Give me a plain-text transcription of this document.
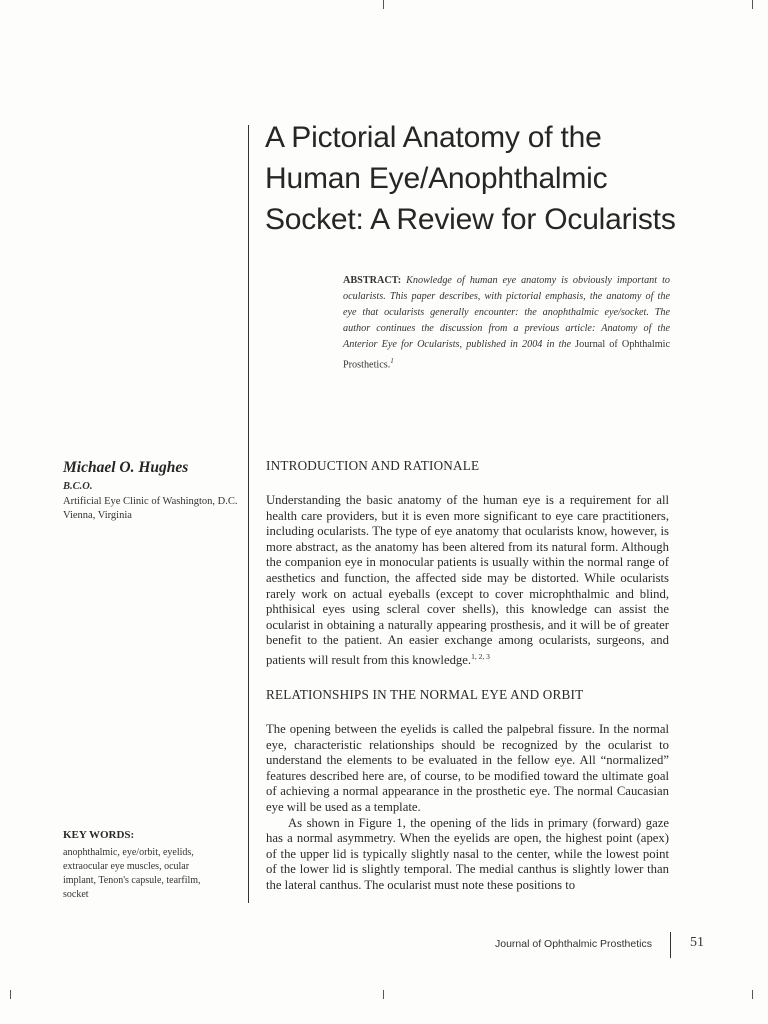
A Pictorial Anatomy of the
Human Eye/Anophthalmic
Socket: A Review for Ocularists
ABSTRACT: Knowledge of human eye anatomy is obviously important to ocularists. This paper describes, with pictorial emphasis, the anatomy of the eye that ocularists generally encounter: the anophthalmic eye/socket. The author continues the discussion from a previous article: Anatomy of the Anterior Eye for Ocularists, published in 2004 in the Journal of Ophthalmic Prosthetics.$^1$
Michael O. Hughes
B.C.O.
Artificial Eye Clinic of Washington, D.C.
Vienna, Virginia
KEY WORDS:
anophthalmic, eye/orbit, eyelids, extraocular eye muscles, ocular implant, Tenon's capsule, tearfilm, socket
INTRODUCTION AND RATIONALE

Understanding the basic anatomy of the human eye is a requirement for all health care providers, but it is even more significant to eye care practitioners, including ocularists. The type of eye anatomy that ocularists know, however, is more abstract, as the anatomy has been altered from its natural form. Although the companion eye in monocular patients is usually within the normal range of aesthetics and function, the affected side may be distorted. While ocularists rarely work on actual eyeballs (except to cover microphthalmic and blind, phthisical eyes using scleral cover shells), this knowledge can assist the ocularist in obtaining a naturally appearing prosthesis, and it will be of greater benefit to the patient. An easier exchange among ocularists, surgeons, and patients will result from this knowledge.$^{1, 2, 3}$

RELATIONSHIPS IN THE NORMAL EYE AND ORBIT

The opening between the eyelids is called the palpebral fissure. In the normal eye, characteristic relationships should be recognized by the ocularist to understand the elements to be evaluated in the fellow eye. All “normalized” features described here are, of course, to be modified toward the ultimate goal of achieving a normal appearance in the prosthetic eye. The normal Caucasian eye will be used as a template.

As shown in Figure 1, the opening of the lids in primary (forward) gaze has a normal asymmetry. When the eyelids are open, the highest point (apex) of the upper lid is typically slightly nasal to the center, while the lowest point of the lower lid is slightly temporal. The medial canthus is slightly lower than the lateral canthus. The ocularist must note these positions to

Journal of Ophthalmic Prosthetics	51
